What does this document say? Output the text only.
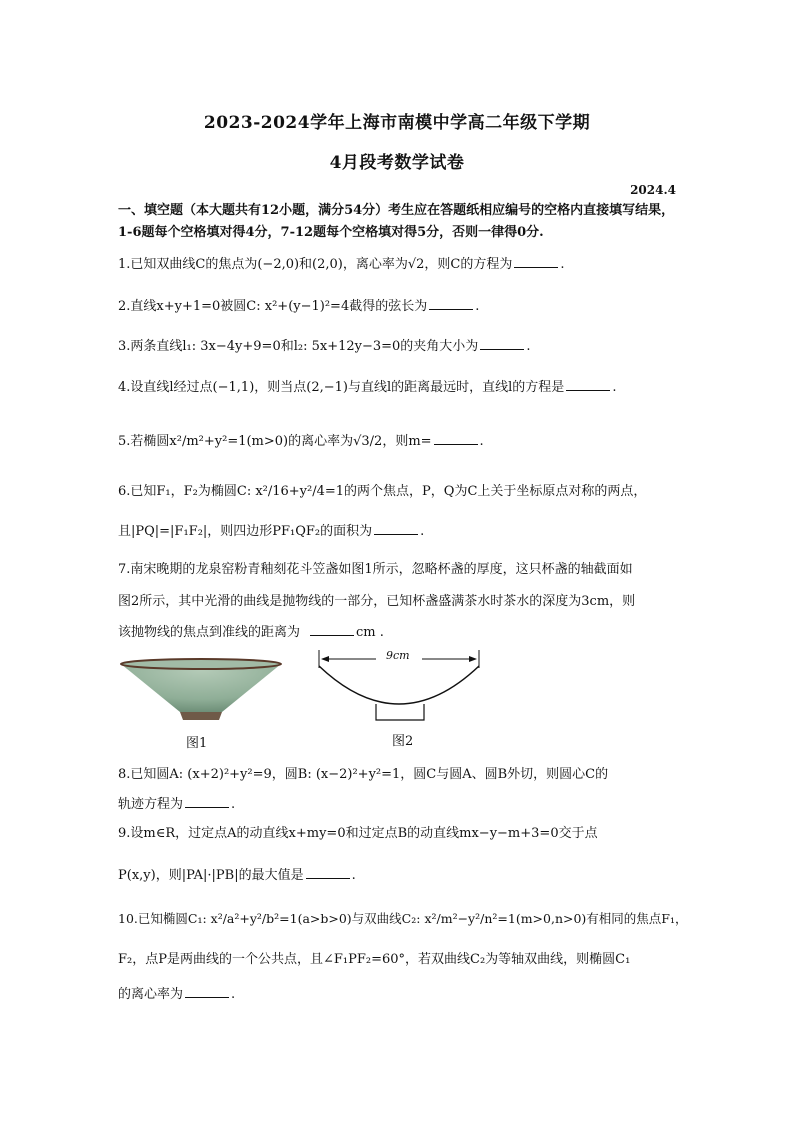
2023-2024学年上海市南模中学高二年级下学期
4月段考数学试卷
2024.4
一、填空题（本大题共有12小题，满分54分）考生应在答题纸相应编号的空格内直接填写结果，1-6题每个空格填对得4分，7-12题每个空格填对得5分，否则一律得0分.
1.已知双曲线C的焦点为(−2,0)和(2,0)，离心率为√2，则C的方程为	.
2.直线x+y+1=0被圆C: x²+(y−1)²=4截得的弦长为	.
3.两条直线l₁: 3x−4y+9=0和l₂: 5x+12y−3=0的夹角大小为	.
4.设直线l经过点(−1,1)，则当点(2,−1)与直线l的距离最远时，直线l的方程是	.
5.若椭圆x²/m²+y²=1(m>0)的离心率为√3/2，则m=	.
6.已知F₁，F₂为椭圆C: x²/16+y²/4=1的两个焦点，P，Q为C上关于坐标原点对称的两点，
且|PQ|=|F₁F₂|，则四边形PF₁QF₂的面积为	.
7.南宋晚期的龙泉窑粉青釉刻花斗笠盏如图1所示，忽略杯盏的厚度，这只杯盏的轴截面如
图2所示，其中光滑的曲线是抛物线的一部分，已知杯盏盛满茶水时茶水的深度为3cm，则
该抛物线的焦点到准线的距离为	cm .
图1
9cm
图2
8.已知圆A: (x+2)²+y²=9，圆B: (x−2)²+y²=1，圆C与圆A、圆B外切，则圆心C的
轨迹方程为	.
9.设m∈R，过定点A的动直线x+my=0和过定点B的动直线mx−y−m+3=0交于点
P(x,y)，则|PA|·|PB|的最大值是	.
10.已知椭圆C₁: x²/a²+y²/b²=1(a>b>0)与双曲线C₂: x²/m²−y²/n²=1(m>0,n>0)有相同的焦点F₁，
F₂，点P是两曲线的一个公共点，且∠F₁PF₂=60°，若双曲线C₂为等轴双曲线，则椭圆C₁
的离心率为	.
